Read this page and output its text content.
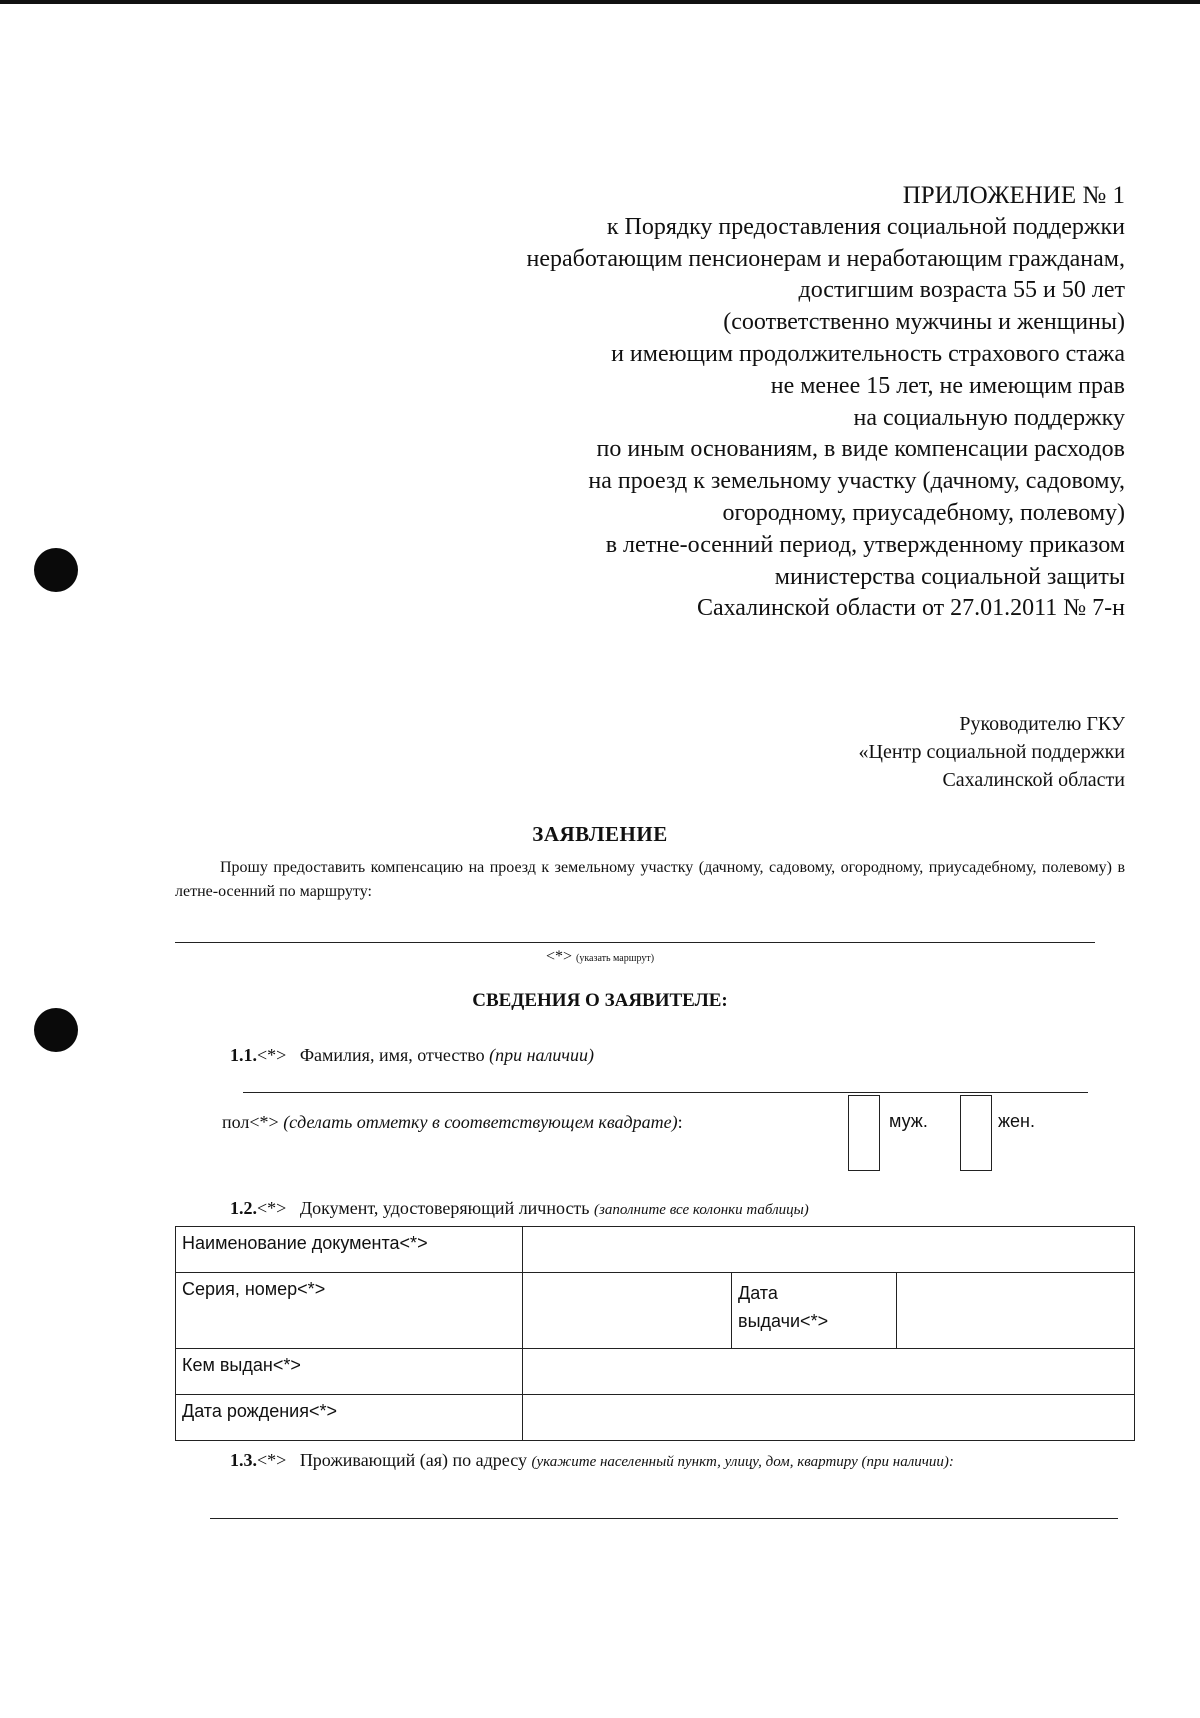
ПРИЛОЖЕНИЕ № 1
к Порядку предоставления социальной поддержки
неработающим пенсионерам и неработающим гражданам,
достигшим возраста 55 и 50 лет
(соответственно мужчины и женщины)
и имеющим продолжительность страхового стажа
не менее 15 лет, не имеющим прав
на социальную поддержку
по иным основаниям, в виде компенсации расходов
на проезд к земельному участку (дачному, садовому,
огородному, приусадебному, полевому)
в летне-осенний период, утвержденному приказом
министерства социальной защиты
Сахалинской области от 27.01.2011 № 7-н
Руководителю ГКУ
«Центр социальной поддержки
Сахалинской области
ЗАЯВЛЕНИЕ
Прошу предоставить компенсацию на проезд к земельному участку (дачному, садовому, огородному, приусадебному, полевому) в летне-осенний по маршруту:
<*> (указать маршрут)
СВЕДЕНИЯ О ЗАЯВИТЕЛЕ:
1.1.<*> Фамилия, имя, отчество (при наличии)
пол<*> (сделать отметку в соответствующем квадрате):	муж.	жен.
1.2.<*> Документ, удостоверяющий личность (заполните все колонки таблицы)
Наименование документа<*>			
Серия, номер<*>		Дата
выдачи<*>	
Кем выдан<*>			
Дата рождения<*>			
1.3.<*> Проживающий (ая) по адресу (укажите населенный пункт, улицу, дом, квартиру (при наличии):
